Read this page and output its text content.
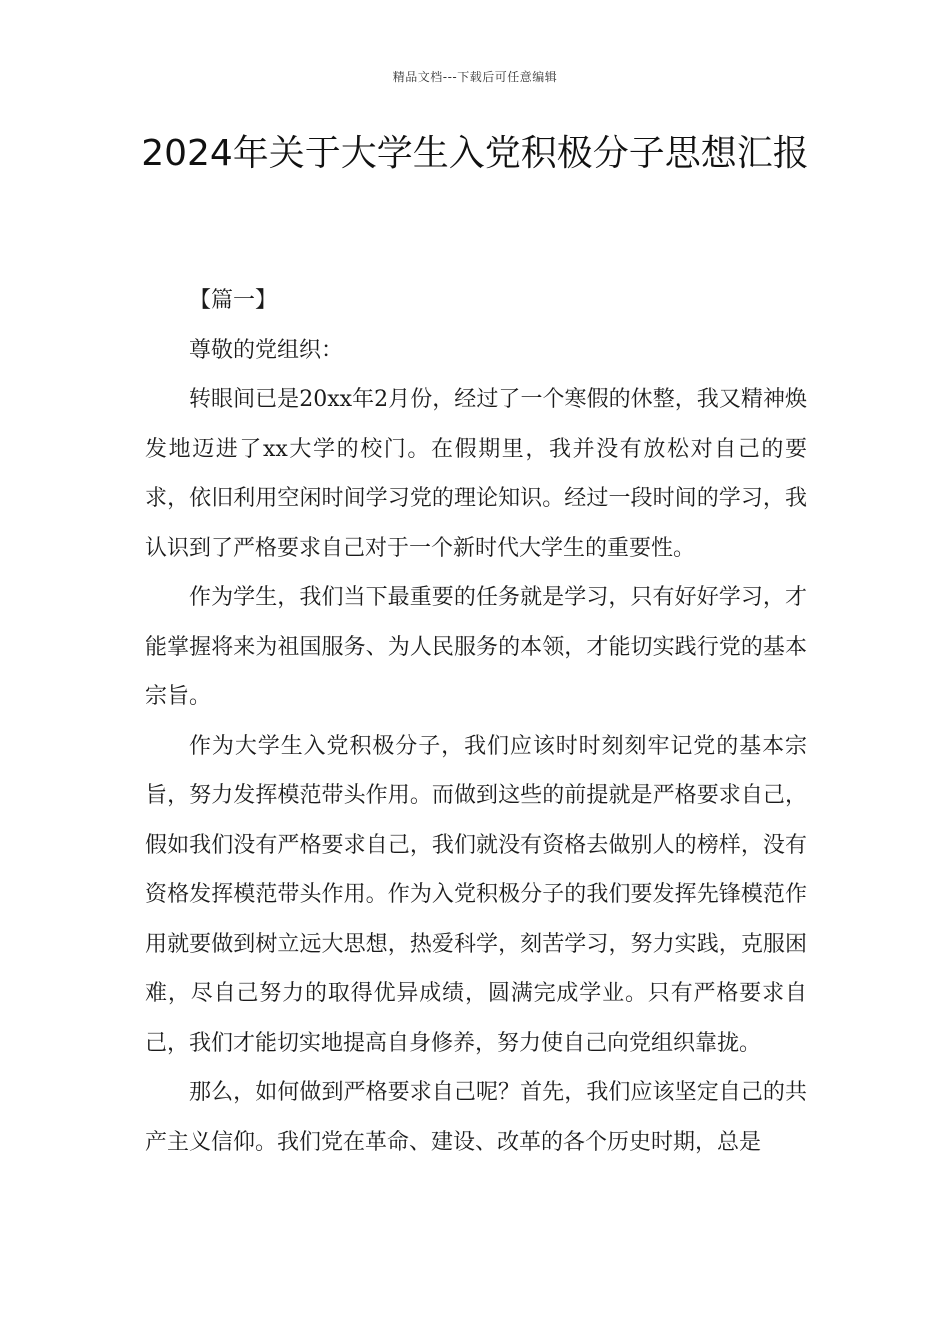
精品文档---下载后可任意编辑
2024年关于大学生入党积极分子思想汇报

【篇一】

尊敬的党组织：

转眼间已是20xx年2月份，经过了一个寒假的休整，我又精神焕发地迈进了xx大学的校门。在假期里，我并没有放松对自己的要求，依旧利用空闲时间学习党的理论知识。经过一段时间的学习，我认识到了严格要求自己对于一个新时代大学生的重要性。

作为学生，我们当下最重要的任务就是学习，只有好好学习，才能掌握将来为祖国服务、为人民服务的本领，才能切实践行党的基本宗旨。

作为大学生入党积极分子，我们应该时时刻刻牢记党的基本宗旨，努力发挥模范带头作用。而做到这些的前提就是严格要求自己，假如我们没有严格要求自己，我们就没有资格去做别人的榜样，没有资格发挥模范带头作用。作为入党积极分子的我们要发挥先锋模范作用就要做到树立远大思想，热爱科学，刻苦学习，努力实践，克服困难，尽自己努力的取得优异成绩，圆满完成学业。只有严格要求自己，我们才能切实地提高自身修养，努力使自己向党组织靠拢。

那么，如何做到严格要求自己呢？首先，我们应该坚定自己的共产主义信仰。我们党在革命、建设、改革的各个历史时期，总是
